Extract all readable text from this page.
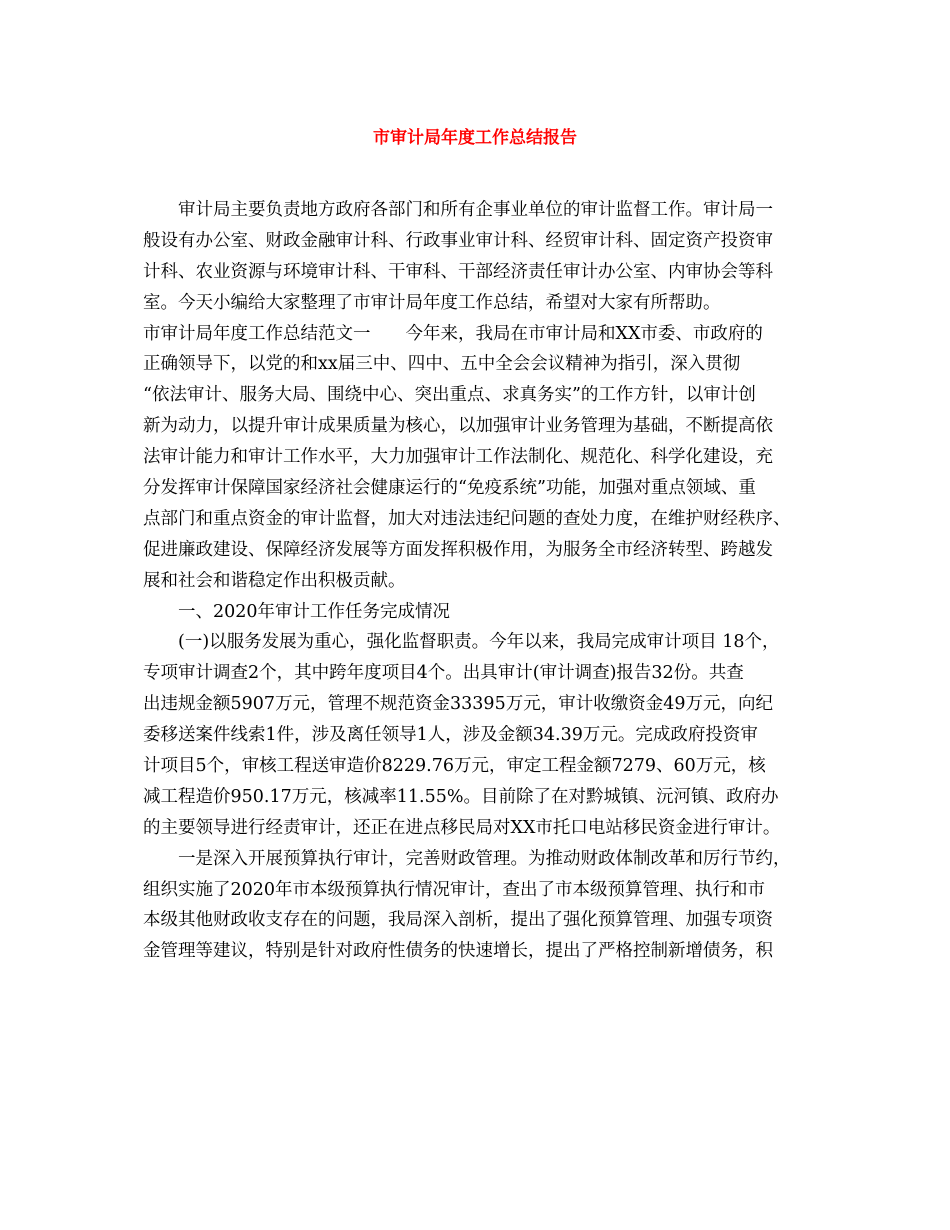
市审计局年度工作总结报告
审计局主要负责地方政府各部门和所有企事业单位的审计监督工作。审计局一
般设有办公室、财政金融审计科、行政事业审计科、经贸审计科、固定资产投资审
计科、农业资源与环境审计科、干审科、干部经济责任审计办公室、内审协会等科
室。今天小编给大家整理了市审计局年度工作总结，希望对大家有所帮助。
市审计局年度工作总结范文一　　今年来，我局在市审计局和XX市委、市政府的
正确领导下，以党的和xx届三中、四中、五中全会会议精神为指引，深入贯彻
“依法审计、服务大局、围绕中心、突出重点、求真务实”的工作方针，以审计创
新为动力，以提升审计成果质量为核心，以加强审计业务管理为基础，不断提高依
法审计能力和审计工作水平，大力加强审计工作法制化、规范化、科学化建设，充
分发挥审计保障国家经济社会健康运行的“免疫系统”功能，加强对重点领域、重
点部门和重点资金的审计监督，加大对违法违纪问题的查处力度，在维护财经秩序、
促进廉政建设、保障经济发展等方面发挥积极作用，为服务全市经济转型、跨越发
展和社会和谐稳定作出积极贡献。
一、2020年审计工作任务完成情况
(一)以服务发展为重心，强化监督职责。今年以来，我局完成审计项目 18个，
专项审计调查2个，其中跨年度项目4个。出具审计(审计调查)报告32份。共查
出违规金额5907万元，管理不规范资金33395万元，审计收缴资金49万元，向纪
委移送案件线索1件，涉及离任领导1人，涉及金额34.39万元。完成政府投资审
计项目5个，审核工程送审造价8229.76万元，审定工程金额7279、60万元，核
减工程造价950.17万元，核减率11.55%。目前除了在对黔城镇、沅河镇、政府办
的主要领导进行经责审计，还正在进点移民局对XX市托口电站移民资金进行审计。
一是深入开展预算执行审计，完善财政管理。为推动财政体制改革和厉行节约，
组织实施了2020年市本级预算执行情况审计，查出了市本级预算管理、执行和市
本级其他财政收支存在的问题，我局深入剖析，提出了强化预算管理、加强专项资
金管理等建议，特别是针对政府性债务的快速增长，提出了严格控制新增债务，积
